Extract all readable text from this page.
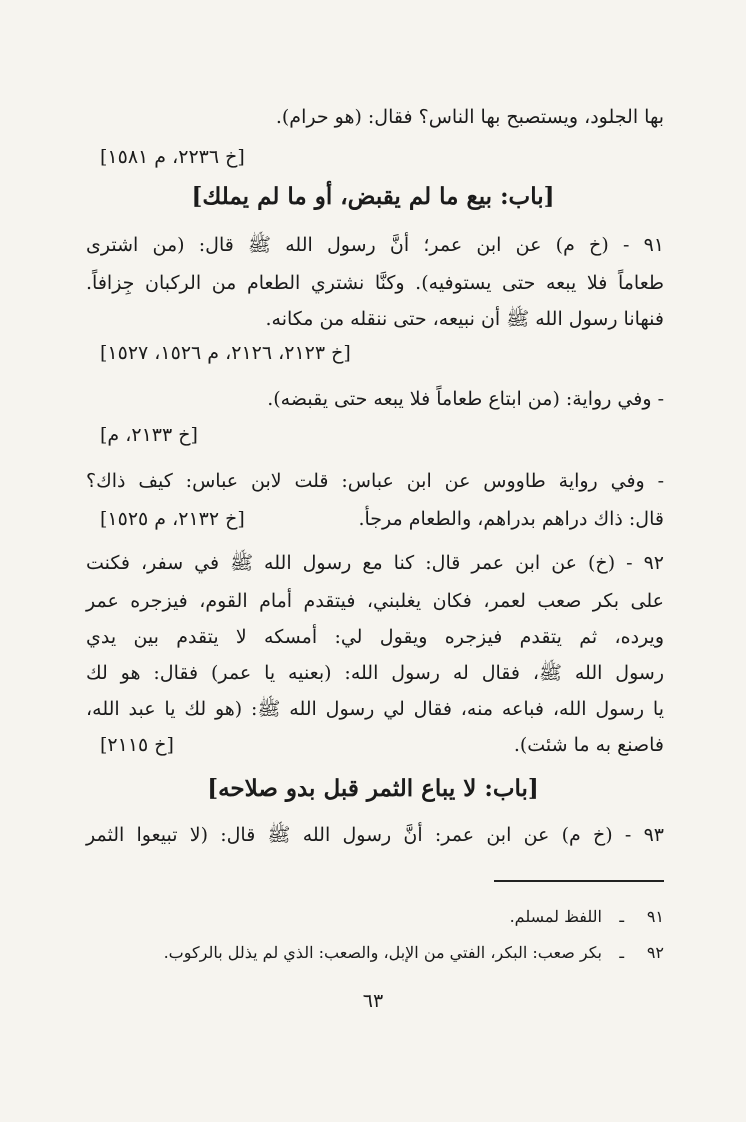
بها الجلود، ويستصبح بها الناس؟ فقال: (هو حرام).
[خ ٢٢٣٦، م ١٥٨١]
[باب: بيع ما لم يقبض، أو ما لم يملك]
٩١ - (خ م) عن ابن عمر؛ أنَّ رسول الله ﷺ قال: (من اشترى
طعاماً فلا يبعه حتى يستوفيه). وكنَّا نشتري الطعام من الركبان جِزافاً.
فنهانا رسول الله ﷺ أن نبيعه، حتى ننقله من مكانه.
[خ ٢١٢٣، ٢١٢٦، م ١٥٢٦، ١٥٢٧]
- وفي رواية: (من ابتاع طعاماً فلا يبعه حتى يقبضه).
[خ ٢١٣٣، م]
- وفي رواية طاووس عن ابن عباس: قلت لابن عباس: كيف ذاك؟
قال: ذاك دراهم بدراهم، والطعام مرجأ.
[خ ٢١٣٢، م ١٥٢٥]
٩٢ - (خ) عن ابن عمر قال: كنا مع رسول الله ﷺ في سفر، فكنت
على بكر صعب لعمر، فكان يغلبني، فيتقدم أمام القوم، فيزجره عمر
ويرده، ثم يتقدم فيزجره ويقول لي: أمسكه لا يتقدم بين يدي
رسول الله ﷺ، فقال له رسول الله: (بعنيه يا عمر) فقال: هو لك
يا رسول الله، فباعه منه، فقال لي رسول الله ﷺ: (هو لك يا عبد الله،
فاصنع به ما شئت).
[خ ٢١١٥]
[باب: لا يباع الثمر قبل بدو صلاحه]
٩٣ - (خ م) عن ابن عمر: أنَّ رسول الله ﷺ قال: (لا تبيعوا الثمر
٩١ـاللفظ لمسلم.
٩٢ـبكر صعب: البكر، الفتي من الإبل، والصعب: الذي لم يذلل بالركوب.
٦٣
